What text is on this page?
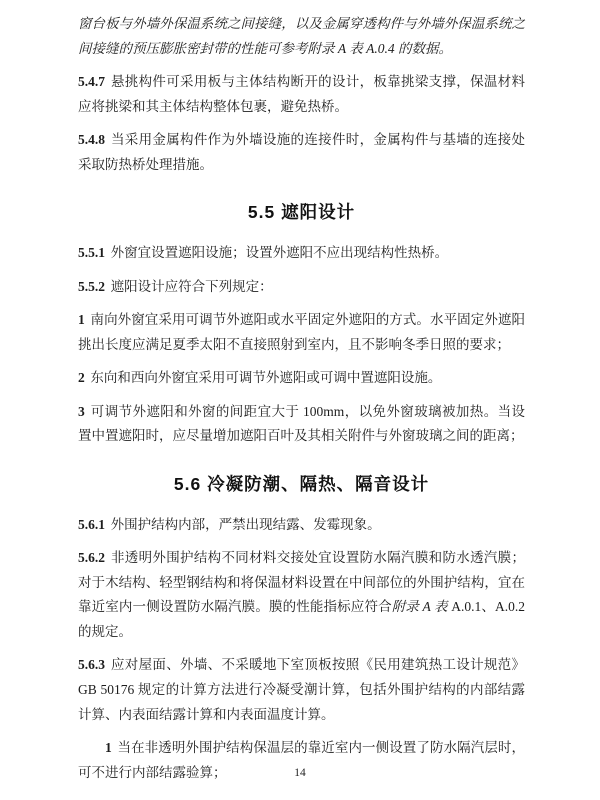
窗台板与外墙外保温系统之间接缝，以及金属穿透构件与外墙外保温系统之间接缝的预压膨胀密封带的性能可参考附录 A 表 A.0.4 的数据。

5.4.7 悬挑构件可采用板与主体结构断开的设计，板靠挑梁支撑，保温材料应将挑梁和其主体结构整体包裹，避免热桥。

5.4.8 当采用金属构件作为外墙设施的连接件时，金属构件与基墙的连接处采取防热桥处理措施。

5.5 遮阳设计

5.5.1 外窗宜设置遮阳设施；设置外遮阳不应出现结构性热桥。

5.5.2 遮阳设计应符合下列规定：

1 南向外窗宜采用可调节外遮阳或水平固定外遮阳的方式。水平固定外遮阳挑出长度应满足夏季太阳不直接照射到室内，且不影响冬季日照的要求；

2 东向和西向外窗宜采用可调节外遮阳或可调中置遮阳设施。

3 可调节外遮阳和外窗的间距宜大于 100mm，以免外窗玻璃被加热。当设置中置遮阳时，应尽量增加遮阳百叶及其相关附件与外窗玻璃之间的距离；

5.6 冷凝防潮、隔热、隔音设计

5.6.1 外围护结构内部，严禁出现结露、发霉现象。

5.6.2 非透明外围护结构不同材料交接处宜设置防水隔汽膜和防水透汽膜；对于木结构、轻型钢结构和将保温材料设置在中间部位的外围护结构，宜在靠近室内一侧设置防水隔汽膜。膜的性能指标应符合附录 A 表 A.0.1、A.0.2 的规定。

5.6.3 应对屋面、外墙、不采暖地下室顶板按照《民用建筑热工设计规范》GB 50176 规定的计算方法进行冷凝受潮计算，包括外围护结构的内部结露计算、内表面结露计算和内表面温度计算。

1 当在非透明外围护结构保温层的靠近室内一侧设置了防水隔汽层时，可不进行内部结露验算；	14
